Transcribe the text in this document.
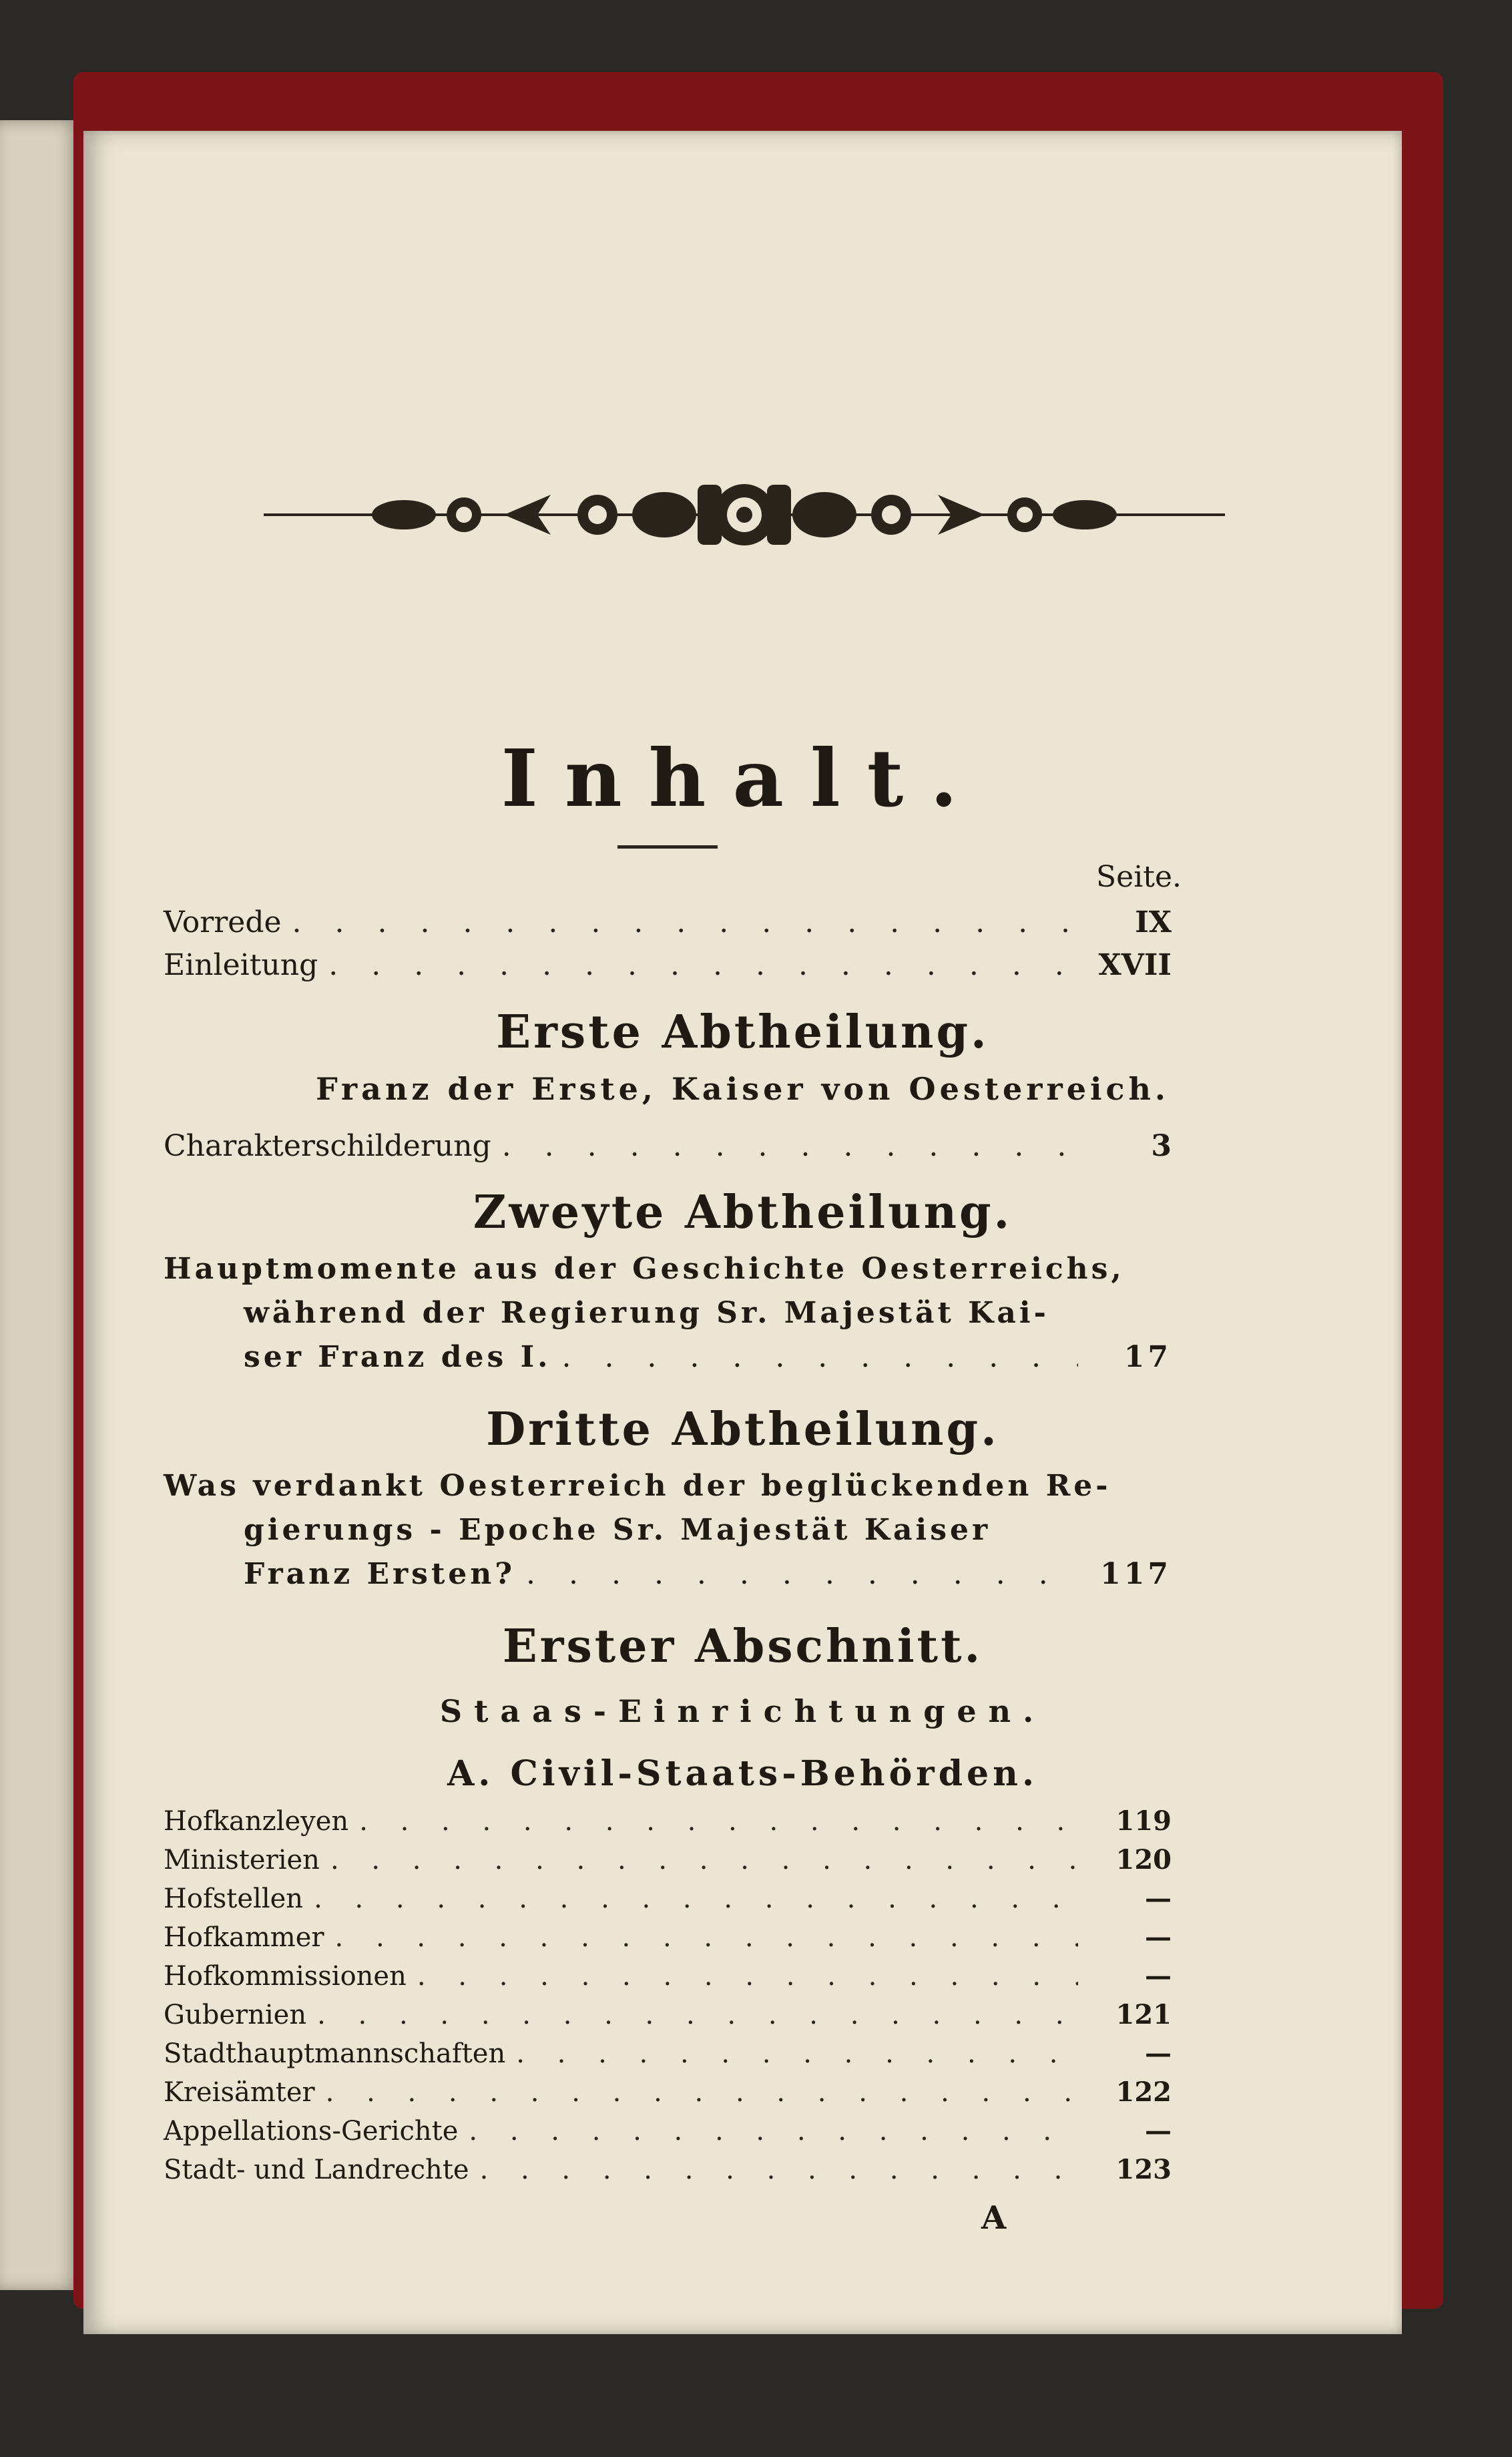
Inhalt.
Seite.
Vorrede . . .	IX
Einleitung . . .	XVII
Erste Abtheilung.
Franz der Erste, Kaiser von Oesterreich.
Charakterschilderung . . .	3
Zweyte Abtheilung.
Hauptmomente aus der Geschichte Oesterreichs,
während der Regierung Sr. Majestät Kai-
ser Franz des I. . . .	17
Dritte Abtheilung.
Was verdankt Oesterreich der beglückenden Re-
gierungs - Epoche Sr. Majestät Kaiser
Franz Ersten? . . .	117
Erster Abschnitt.
Staas-Einrichtungen.
A. Civil-Staats-Behörden.
Hofkanzleyen . . .	119
Ministerien . . .	120
Hofstellen . . .	—
Hofkammer . . .	—
Hofkommissionen . . .	—
Gubernien . . .	121
Stadthauptmannschaften . . .	—
Kreisämter . . .	122
Appellations-Gerichte . . .	—
Stadt- und Landrechte . . .	123
A
